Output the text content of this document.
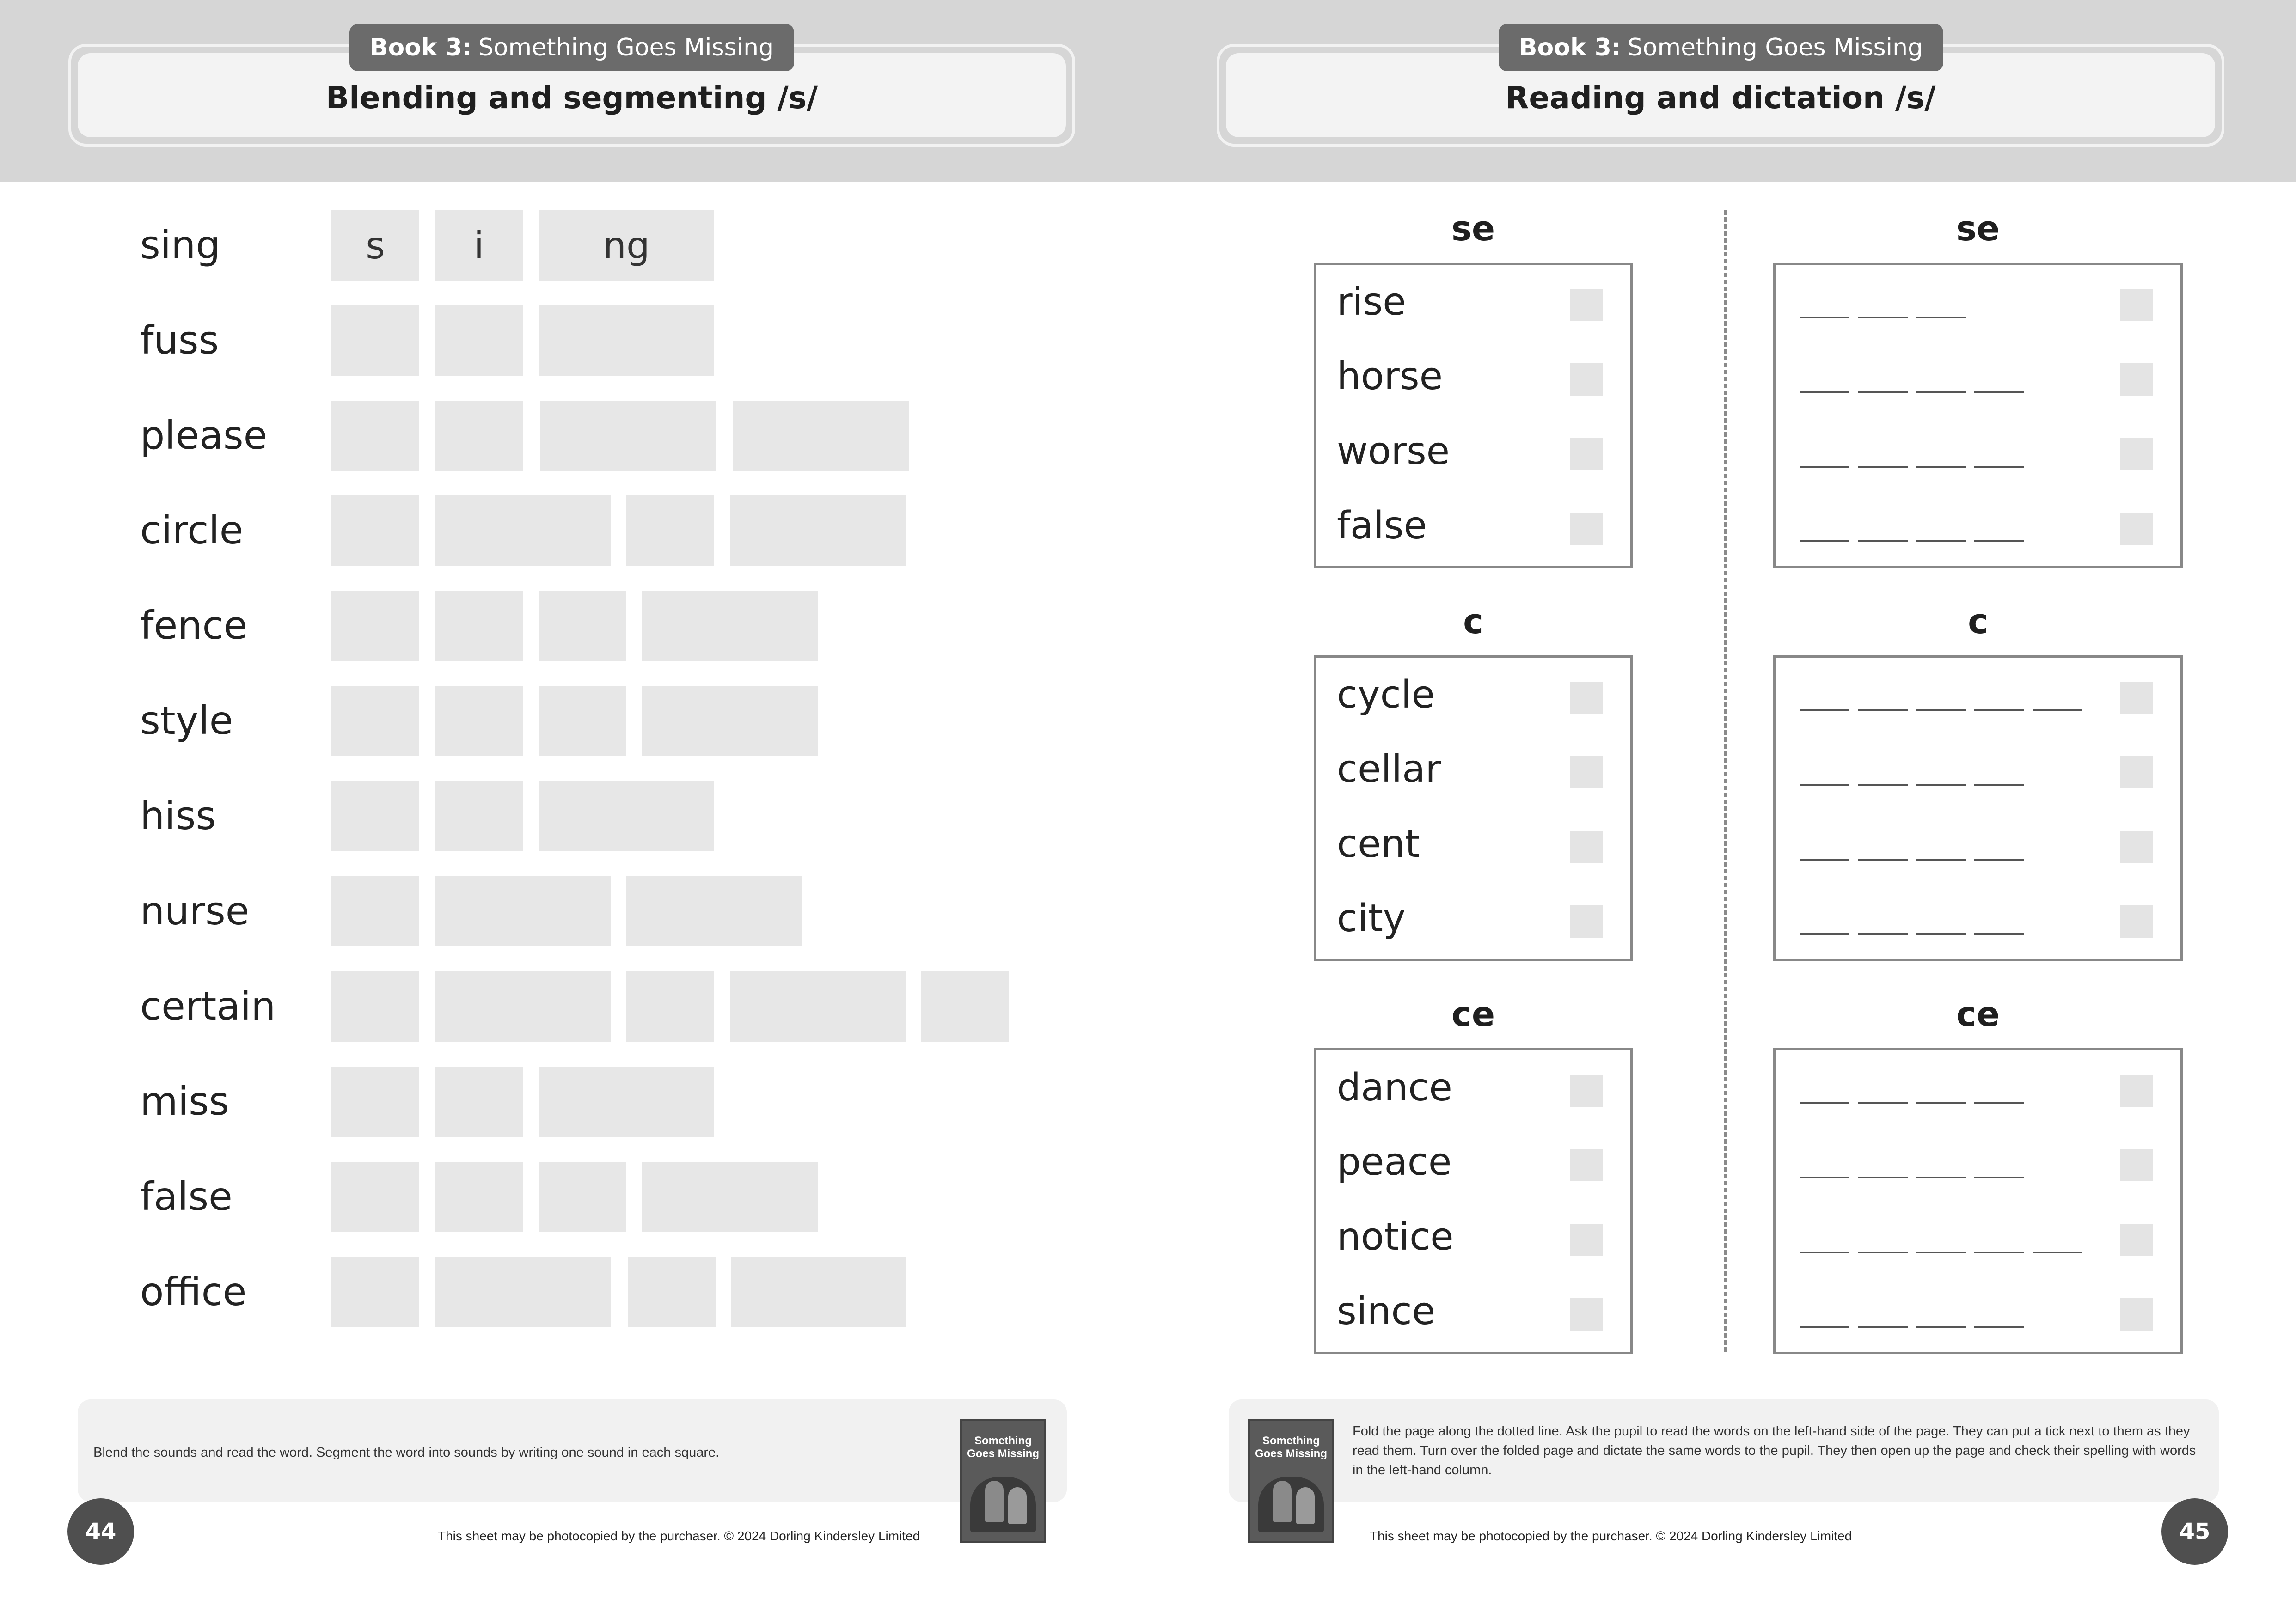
Blending and segmenting /s/
Book 3: Something Goes Missing
Reading and dictation /s/
Book 3: Something Goes Missing
sing	s	i	ng
fuss
please
circle
fence
style
hiss
nurse
certain
miss
false
office
se	se
rise
horse
worse
false
c	c
cycle
cellar
cent
city
ce	ce
dance
peace
notice
since
Blend the sounds and read the word. Segment the word into sounds by writing one sound in each square.
Something Goes Missing
44	This sheet may be photocopied by the purchaser. © 2024 Dorling Kindersley Limited
Fold the page along the dotted line. Ask the pupil to read the words on the left-hand side of the page. They can put a tick next to them as they read them. Turn over the folded page and dictate the same words to the pupil. They then open up the page and check their spelling with words in the left-hand column.
Something Goes Missing
45
This sheet may be photocopied by the purchaser. © 2024 Dorling Kindersley Limited
